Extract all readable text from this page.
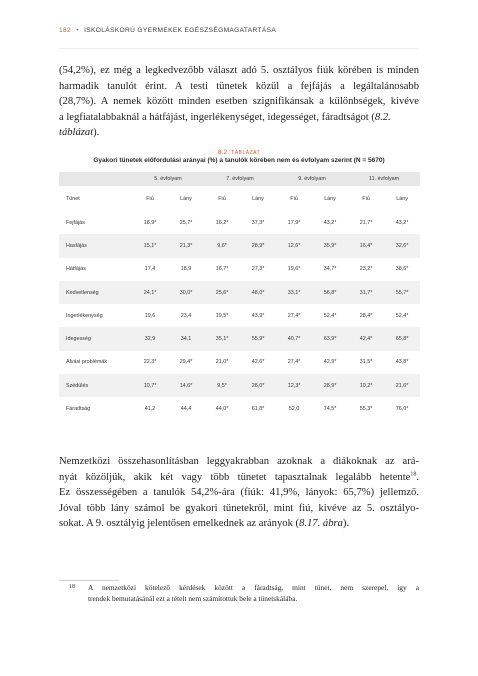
182 • ISKOLÁSKORÚ GYERMEKEK EGÉSZSÉGMAGATARTÁSA
(54,2%), ez még a legkedvezőbb választ adó 5. osztályos fiúk körében is minden
harmadik tanulót érint. A testi tünetek közül a fejfájás a legáltalánosabb
(28,7%). A nemek között minden esetben szignifikánsak a különbségek, kivéve
a legfiatalabbaknál a hátfájást, ingerlékenységet, idegességet, fáradtságot (8.2.
táblázat).
8.2. TÁBLÁZAT
Gyakori tünetek előfordulási arányai (%) a tanulók körében nem és évfolyam szerint (N = 5670)
	5. évfolyam		7. évfolyam		9. évfolyam		11. évfolyam	
Tünet	Fiú	Lány	Fiú	Lány	Fiú	Lány	Fiú	Lány
Fejfájás	18,9*	25,7*	16,2*	37,3*	17,9*	43,2*	21,7*	43,2*
Hasfájás	15,1*	21,3*	9,6*	28,9*	12,6*	35,9*	16,4*	32,6*
Hátfájás	17,4	18,9	16,7*	27,3*	19,6*	34,7*	23,2*	38,6*
Kedvetlenség	24,1*	30,0*	25,6*	48,0*	33,1*	56,8*	31,7*	55,7*
Ingerlékenység	19,6	23,4	19,5*	43,9*	27,4*	52,4*	28,4*	52,4*
Idegesség	32,9	34,1	35,1*	55,9*	40,7*	63,9*	42,4*	65,8*
Alvási problémák	22,3*	29,4*	21,0*	42,6*	27,4*	42,9*	31,5*	43,8*
Szédülés	10,7*	14,6*	9,5*	26,0*	12,3*	28,9*	10,2*	21,6*
Fáradtság	41,2	44,4	44,0*	61,8*	52,0	74,5*	55,3*	76,0*
Nemzetközi összehasonlításban leggyakrabban azoknak a diákoknak az ará-
nyát közöljük, akik két vagy több tünetet tapasztalnak legalább hetente$^{18}$.
Ez összességében a tanulók 54,2%-ára (fiúk: 41,9%, lányok: 65,7%) jellemző.
Jóval több lány számol be gyakori tünetekről, mint fiú, kivéve az 5. osztályo-
sokat. A 9. osztályig jelentősen emelkednek az arányok (8.17. ábra).
18 A nemzetközi kötelező kérdések között a fáradtság, mint tünet, nem szerepel, így a
trendek bemutatásánál ezt a tételt nem számítottuk bele a tünetskálába.
